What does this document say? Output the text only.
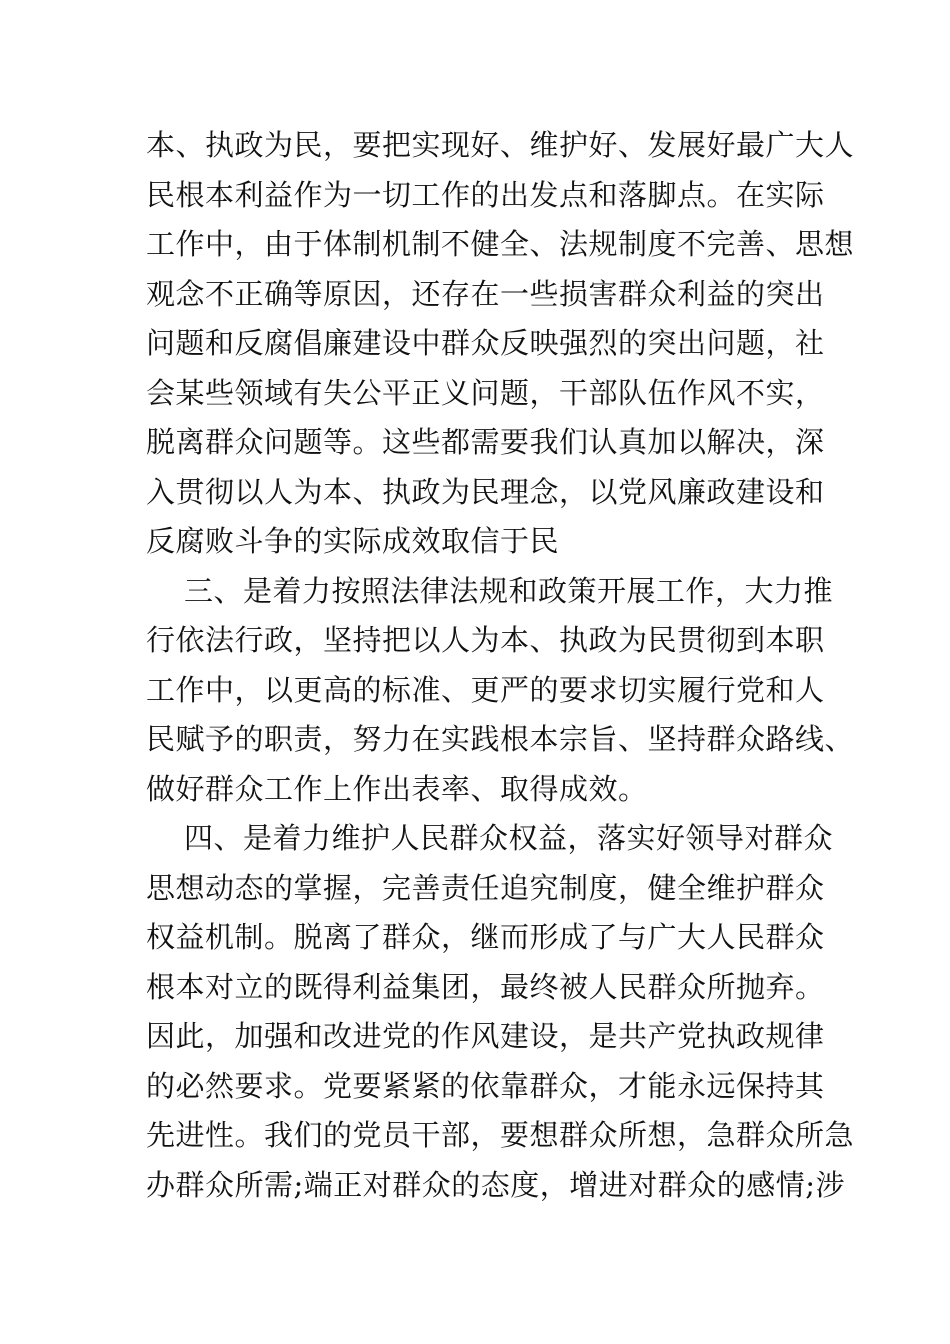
本、执政为民，要把实现好、维护好、发展好最广大人
民根本利益作为一切工作的出发点和落脚点。在实际
工作中，由于体制机制不健全、法规制度不完善、思想
观念不正确等原因，还存在一些损害群众利益的突出
问题和反腐倡廉建设中群众反映强烈的突出问题，社
会某些领域有失公平正义问题，干部队伍作风不实，
脱离群众问题等。这些都需要我们认真加以解决，深
入贯彻以人为本、执政为民理念，以党风廉政建设和
反腐败斗争的实际成效取信于民
三、是着力按照法律法规和政策开展工作，大力推
行依法行政，坚持把以人为本、执政为民贯彻到本职
工作中，以更高的标准、更严的要求切实履行党和人
民赋予的职责，努力在实践根本宗旨、坚持群众路线、
做好群众工作上作出表率、取得成效。
四、是着力维护人民群众权益，落实好领导对群众
思想动态的掌握，完善责任追究制度，健全维护群众
权益机制。脱离了群众，继而形成了与广大人民群众
根本对立的既得利益集团，最终被人民群众所抛弃。
因此，加强和改进党的作风建设，是共产党执政规律
的必然要求。党要紧紧的依靠群众，才能永远保持其
先进性。我们的党员干部，要想群众所想，急群众所急
办群众所需;端正对群众的态度，增进对群众的感情;涉
